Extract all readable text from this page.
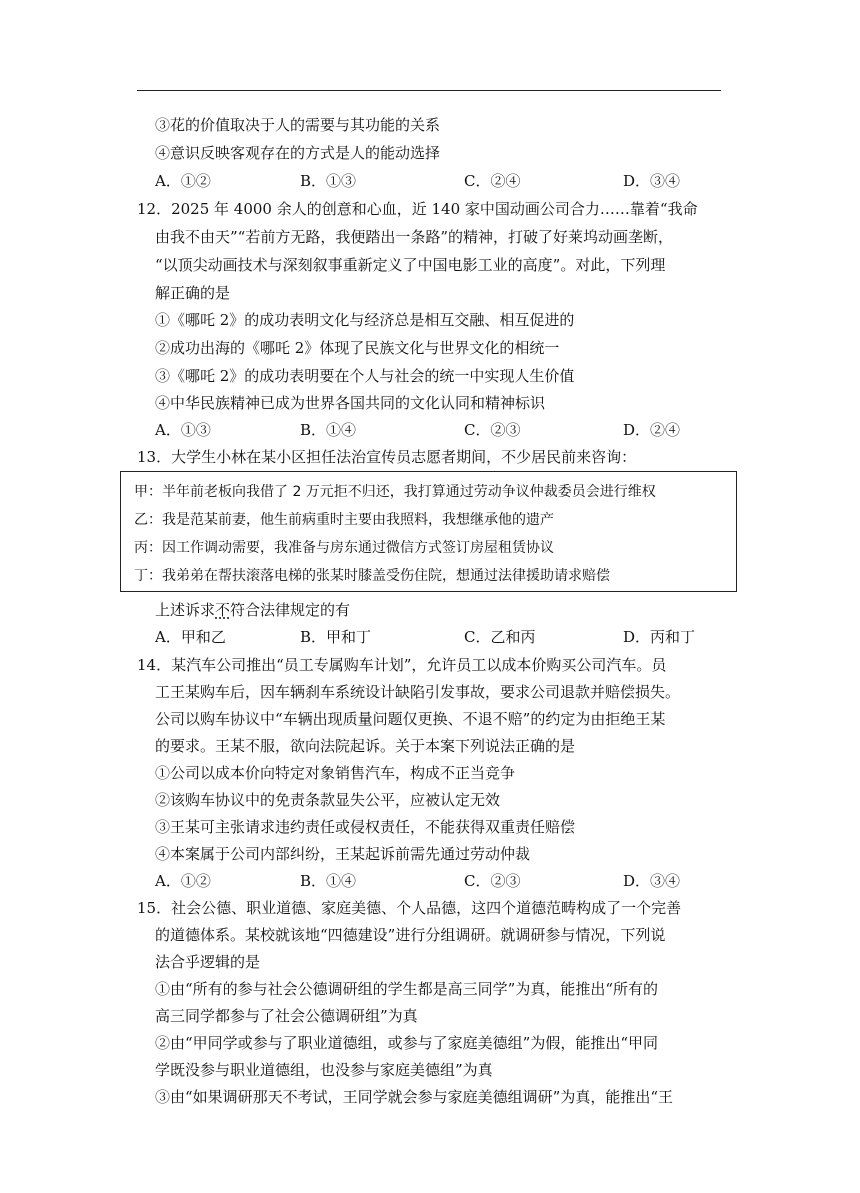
③花的价值取决于人的需要与其功能的关系
④意识反映客观存在的方式是人的能动选择
A．①②	B．①③	C．②④	D．③④
12．2025 年 4000 余人的创意和心血，近 140 家中国动画公司合力……靠着“我命
由我不由天”“若前方无路，我便踏出一条路”的精神，打破了好莱坞动画垄断，
“以顶尖动画技术与深刻叙事重新定义了中国电影工业的高度”。对此，下列理
解正确的是
①《哪吒 2》的成功表明文化与经济总是相互交融、相互促进的
②成功出海的《哪吒 2》体现了民族文化与世界文化的相统一
③《哪吒 2》的成功表明要在个人与社会的统一中实现人生价值
④中华民族精神已成为世界各国共同的文化认同和精神标识
A．①③	B．①④	C．②③	D．②④
13．大学生小林在某小区担任法治宣传员志愿者期间，不少居民前来咨询：
甲：半年前老板向我借了 2 万元拒不归还，我打算通过劳动争议仲裁委员会进行维权
乙：我是范某前妻，他生前病重时主要由我照料，我想继承他的遗产
丙：因工作调动需要，我准备与房东通过微信方式签订房屋租赁协议
丁：我弟弟在帮扶滚落电梯的张某时膝盖受伤住院，想通过法律援助请求赔偿
上述诉求不符合法律规定的有
A．甲和乙	B．甲和丁	C．乙和丙	D．丙和丁
14．某汽车公司推出“员工专属购车计划”，允许员工以成本价购买公司汽车。员
工王某购车后，因车辆刹车系统设计缺陷引发事故，要求公司退款并赔偿损失。
公司以购车协议中“车辆出现质量问题仅更换、不退不赔”的约定为由拒绝王某
的要求。王某不服，欲向法院起诉。关于本案下列说法正确的是
①公司以成本价向特定对象销售汽车，构成不正当竞争
②该购车协议中的免责条款显失公平，应被认定无效
③王某可主张请求违约责任或侵权责任，不能获得双重责任赔偿
④本案属于公司内部纠纷，王某起诉前需先通过劳动仲裁
A．①②	B．①④	C．②③	D．③④
15．社会公德、职业道德、家庭美德、个人品德，这四个道德范畴构成了一个完善
的道德体系。某校就该地“四德建设”进行分组调研。就调研参与情况，下列说
法合乎逻辑的是
①由“所有的参与社会公德调研组的学生都是高三同学”为真，能推出“所有的
高三同学都参与了社会公德调研组”为真
②由“甲同学或参与了职业道德组，或参与了家庭美德组”为假，能推出“甲同
学既没参与职业道德组，也没参与家庭美德组”为真
③由“如果调研那天不考试，王同学就会参与家庭美德组调研”为真，能推出“王
